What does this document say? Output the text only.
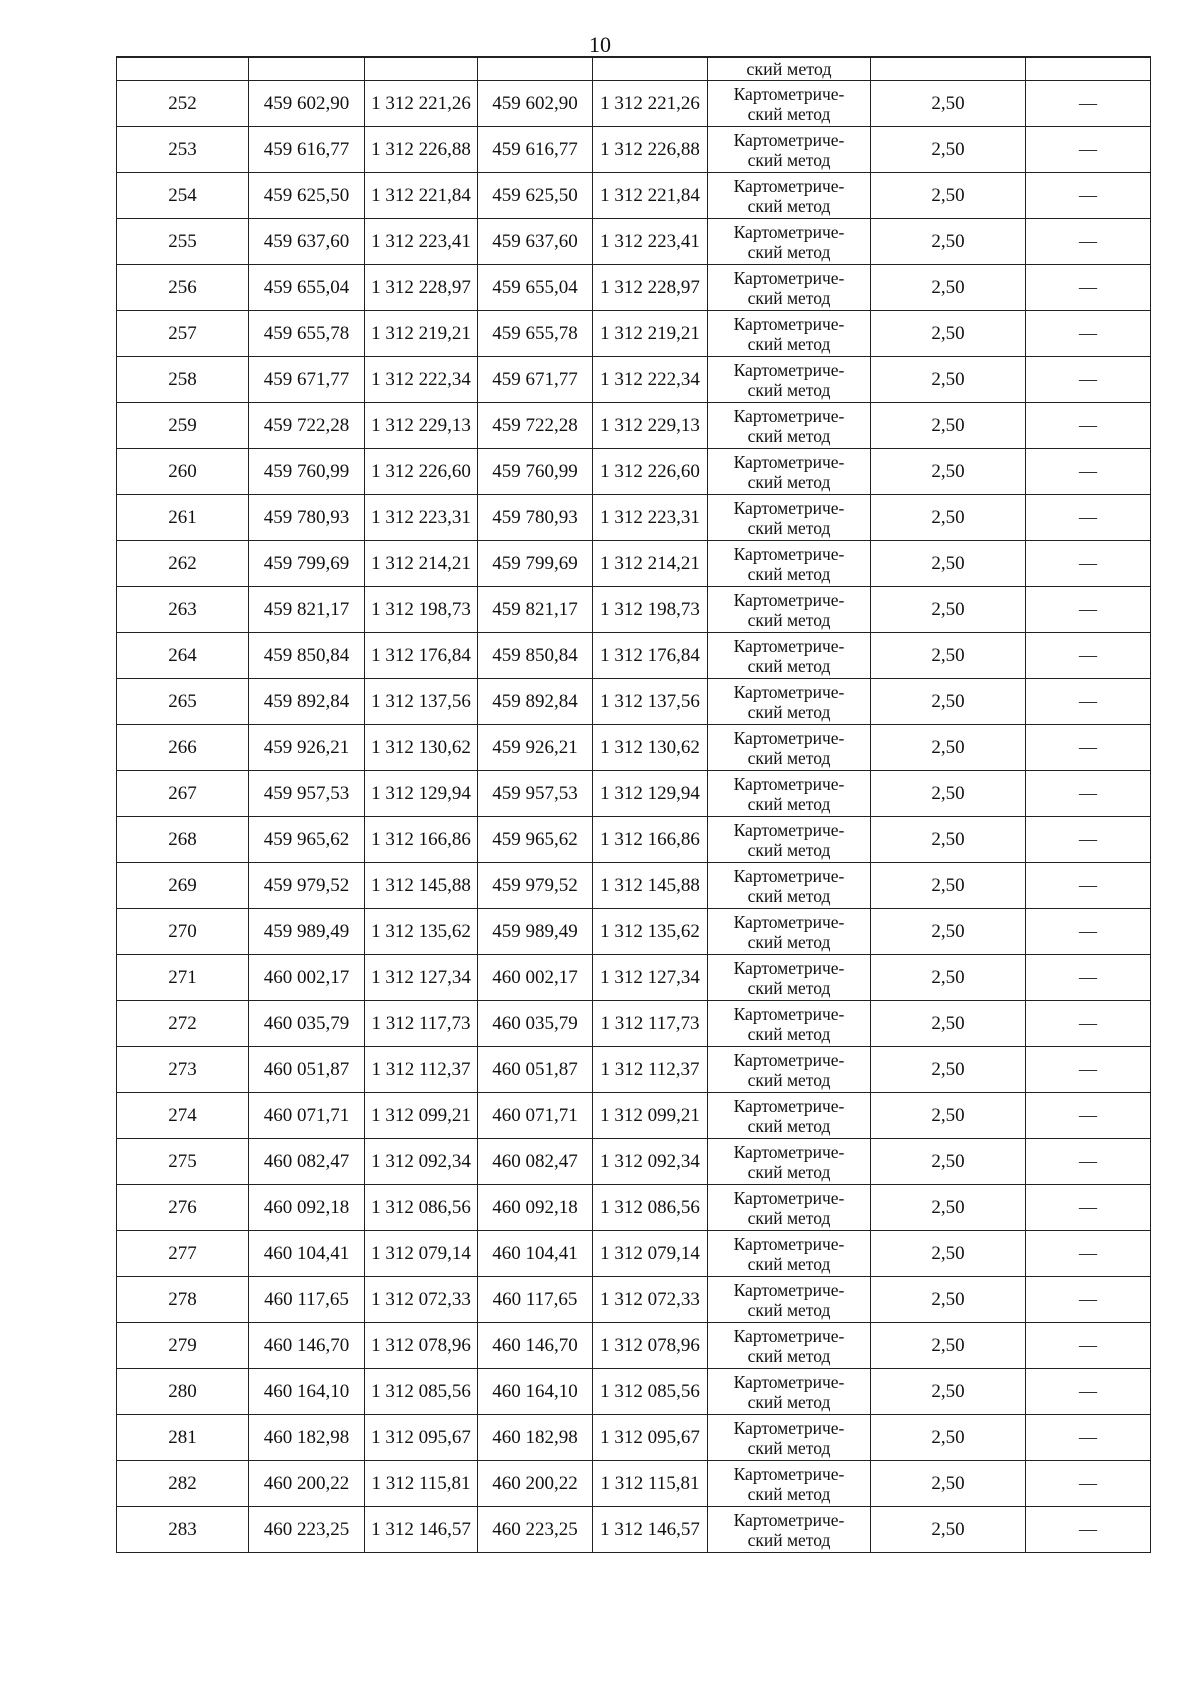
10
					ский метод		
252	459 602,90	1 312 221,26	459 602,90	1 312 221,26	Картометриче-
ский метод	2,50	—
253	459 616,77	1 312 226,88	459 616,77	1 312 226,88	Картометриче-
ский метод	2,50	—
254	459 625,50	1 312 221,84	459 625,50	1 312 221,84	Картометриче-
ский метод	2,50	—
255	459 637,60	1 312 223,41	459 637,60	1 312 223,41	Картометриче-
ский метод	2,50	—
256	459 655,04	1 312 228,97	459 655,04	1 312 228,97	Картометриче-
ский метод	2,50	—
257	459 655,78	1 312 219,21	459 655,78	1 312 219,21	Картометриче-
ский метод	2,50	—
258	459 671,77	1 312 222,34	459 671,77	1 312 222,34	Картометриче-
ский метод	2,50	—
259	459 722,28	1 312 229,13	459 722,28	1 312 229,13	Картометриче-
ский метод	2,50	—
260	459 760,99	1 312 226,60	459 760,99	1 312 226,60	Картометриче-
ский метод	2,50	—
261	459 780,93	1 312 223,31	459 780,93	1 312 223,31	Картометриче-
ский метод	2,50	—
262	459 799,69	1 312 214,21	459 799,69	1 312 214,21	Картометриче-
ский метод	2,50	—
263	459 821,17	1 312 198,73	459 821,17	1 312 198,73	Картометриче-
ский метод	2,50	—
264	459 850,84	1 312 176,84	459 850,84	1 312 176,84	Картометриче-
ский метод	2,50	—
265	459 892,84	1 312 137,56	459 892,84	1 312 137,56	Картометриче-
ский метод	2,50	—
266	459 926,21	1 312 130,62	459 926,21	1 312 130,62	Картометриче-
ский метод	2,50	—
267	459 957,53	1 312 129,94	459 957,53	1 312 129,94	Картометриче-
ский метод	2,50	—
268	459 965,62	1 312 166,86	459 965,62	1 312 166,86	Картометриче-
ский метод	2,50	—
269	459 979,52	1 312 145,88	459 979,52	1 312 145,88	Картометриче-
ский метод	2,50	—
270	459 989,49	1 312 135,62	459 989,49	1 312 135,62	Картометриче-
ский метод	2,50	—
271	460 002,17	1 312 127,34	460 002,17	1 312 127,34	Картометриче-
ский метод	2,50	—
272	460 035,79	1 312 117,73	460 035,79	1 312 117,73	Картометриче-
ский метод	2,50	—
273	460 051,87	1 312 112,37	460 051,87	1 312 112,37	Картометриче-
ский метод	2,50	—
274	460 071,71	1 312 099,21	460 071,71	1 312 099,21	Картометриче-
ский метод	2,50	—
275	460 082,47	1 312 092,34	460 082,47	1 312 092,34	Картометриче-
ский метод	2,50	—
276	460 092,18	1 312 086,56	460 092,18	1 312 086,56	Картометриче-
ский метод	2,50	—
277	460 104,41	1 312 079,14	460 104,41	1 312 079,14	Картометриче-
ский метод	2,50	—
278	460 117,65	1 312 072,33	460 117,65	1 312 072,33	Картометриче-
ский метод	2,50	—
279	460 146,70	1 312 078,96	460 146,70	1 312 078,96	Картометриче-
ский метод	2,50	—
280	460 164,10	1 312 085,56	460 164,10	1 312 085,56	Картометриче-
ский метод	2,50	—
281	460 182,98	1 312 095,67	460 182,98	1 312 095,67	Картометриче-
ский метод	2,50	—
282	460 200,22	1 312 115,81	460 200,22	1 312 115,81	Картометриче-
ский метод	2,50	—
283	460 223,25	1 312 146,57	460 223,25	1 312 146,57	Картометриче-
ский метод	2,50	—
